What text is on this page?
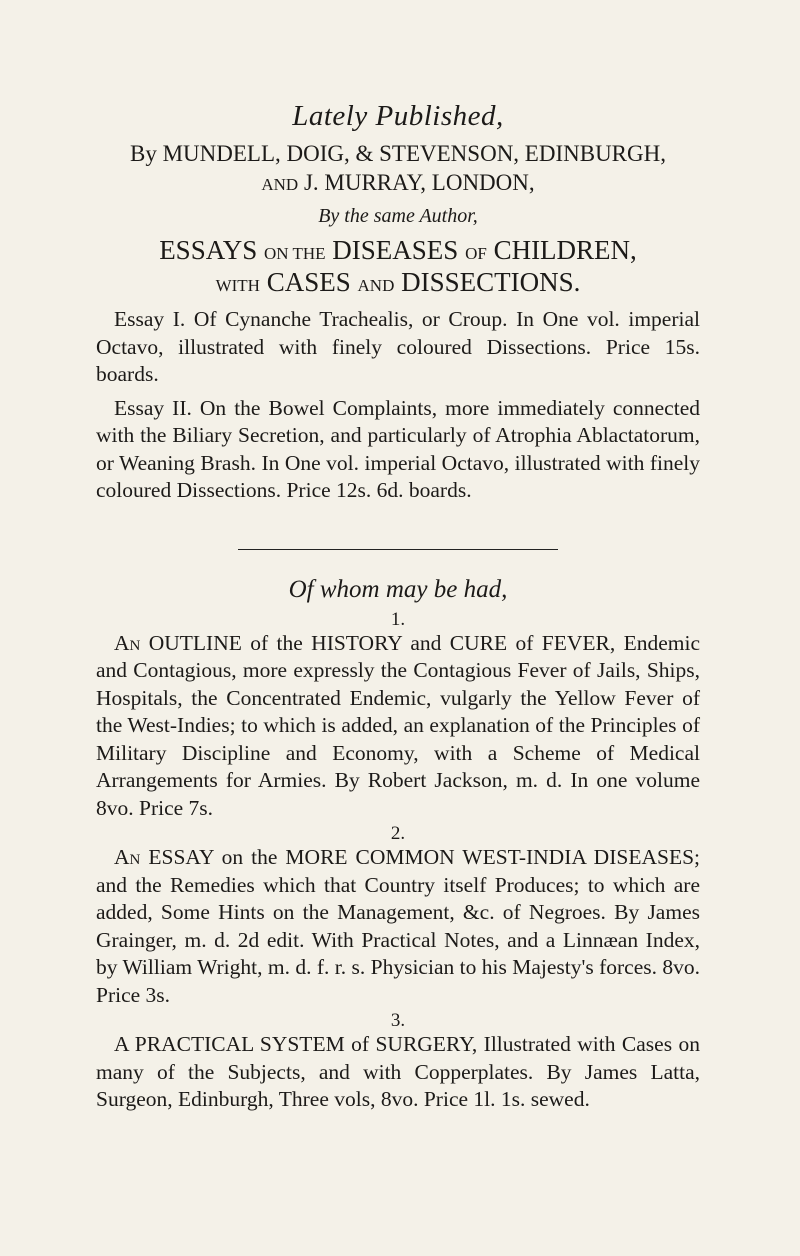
Lately Published,
By MUNDELL, DOIG, & STEVENSON, EDINBURGH,
AND J. MURRAY, LONDON,
By the same Author,
ESSAYS ON THE DISEASES OF CHILDREN,
WITH CASES AND DISSECTIONS.

Essay I. Of Cynanche Trachealis, or Croup. In One vol. imperial Octavo, illustrated with finely coloured Dissections. Price 15s. boards.

Essay II. On the Bowel Complaints, more immediately connected with the Biliary Secretion, and particularly of Atrophia Ablactatorum, or Weaning Brash. In One vol. imperial Octavo, illustrated with finely coloured Dissections. Price 12s. 6d. boards.

Of whom may be had,
1.

An OUTLINE of the HISTORY and CURE of FEVER, Endemic and Contagious, more expressly the Contagious Fever of Jails, Ships, Hospitals, the Concentrated Endemic, vulgarly the Yellow Fever of the West-Indies; to which is added, an explanation of the Principles of Military Discipline and Economy, with a Scheme of Medical Arrangements for Armies. By Robert Jackson, m. d. In one volume 8vo. Price 7s.

2.

An ESSAY on the MORE COMMON WEST-INDIA DISEASES; and the Remedies which that Country itself Produces; to which are added, Some Hints on the Management, &c. of Negroes. By James Grainger, m. d. 2d edit. With Practical Notes, and a Linnæan Index, by William Wright, m. d. f. r. s. Physician to his Majesty's forces. 8vo. Price 3s.

3.

A PRACTICAL SYSTEM of SURGERY, Illustrated with Cases on many of the Subjects, and with Copperplates. By James Latta, Surgeon, Edinburgh, Three vols, 8vo. Price 1l. 1s. sewed.
